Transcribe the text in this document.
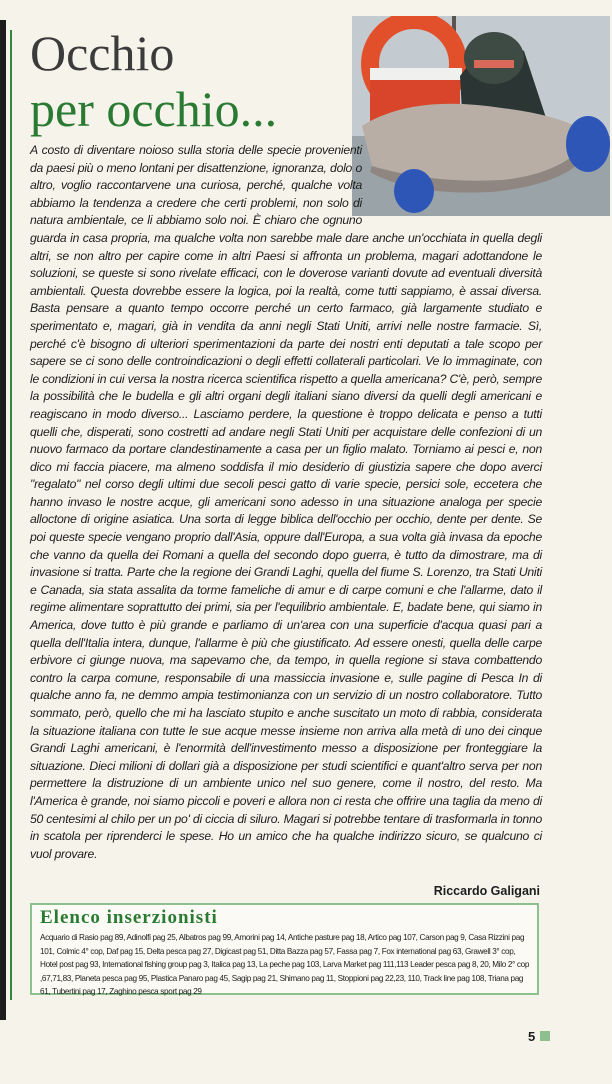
Occhio
per occhio...
A costo di diventare noioso sulla storia delle specie provenienti da paesi più o meno lontani per disattenzione, ignoranza, dolo o altro, voglio raccontarvene una curiosa, perché, qualche volta abbiamo la tendenza a credere che certi problemi, non solo di natura ambientale, ce li abbiamo solo noi. È chiaro che ognuno guarda in casa propria, ma qualche volta non sarebbe male dare anche un'occhiata in quella degli altri, se non altro per capire come in altri Paesi si affronta un problema, magari adottandone le soluzioni, se queste si sono rivelate efficaci, con le doverose varianti dovute ad eventuali diversità ambientali. Questa dovrebbe essere la logica, poi la realtà, come tutti sappiamo, è assai diversa. Basta pensare a quanto tempo occorre perché un certo farmaco, già largamente studiato e sperimentato e, magari, già in vendita da anni negli Stati Uniti, arrivi nelle nostre farmacie. Sì, perché c'è bisogno di ulteriori sperimentazioni da parte dei nostri enti deputati a tale scopo per sapere se ci sono delle controindicazioni o degli effetti collaterali particolari. Ve lo immaginate, con le condizioni in cui versa la nostra ricerca scientifica rispetto a quella americana? C'è, però, sempre la possibilità che le budella e gli altri organi degli italiani siano diversi da quelli degli americani e reagiscano in modo diverso... Lasciamo perdere, la questione è troppo delicata e penso a tutti quelli che, disperati, sono costretti ad andare negli Stati Uniti per acquistare delle confezioni di un nuovo farmaco da portare clandestinamente a casa per un figlio malato. Torniamo ai pesci e, non dico mi faccia piacere, ma almeno soddisfa il mio desiderio di giustizia sapere che dopo averci "regalato" nel corso degli ultimi due secoli pesci gatto di varie specie, persici sole, eccetera che hanno invaso le nostre acque, gli americani sono adesso in una situazione analoga per specie alloctone di origine asiatica. Una sorta di legge biblica dell'occhio per occhio, dente per dente. Se poi queste specie vengano proprio dall'Asia, oppure dall'Europa, a sua volta già invasa da epoche che vanno da quella dei Romani a quella del secondo dopo guerra, è tutto da dimostrare, ma di invasione si tratta. Parte che la regione dei Grandi Laghi, quella del fiume S. Lorenzo, tra Stati Uniti e Canada, sia stata assalita da torme fameliche di amur e di carpe comuni e che l'allarme, dato il regime alimentare soprattutto dei primi, sia per l'equilibrio ambientale. E, badate bene, qui siamo in America, dove tutto è più grande e parliamo di un'area con una superficie d'acqua quasi pari a quella dell'Italia intera, dunque, l'allarme è più che giustificato. Ad essere onesti, quella delle carpe erbivore ci giunge nuova, ma sapevamo che, da tempo, in quella regione si stava combattendo contro la carpa comune, responsabile di una massiccia invasione e, sulle pagine di Pesca In di qualche anno fa, ne demmo ampia testimonianza con un servizio di un nostro collaboratore. Tutto sommato, però, quello che mi ha lasciato stupito e anche suscitato un moto di rabbia, considerata la situazione italiana con tutte le sue acque messe insieme non arriva alla metà di uno dei cinque Grandi Laghi americani, è l'enormità dell'investimento messo a disposizione per fronteggiare la situazione. Dieci milioni di dollari già a disposizione per studi scientifici e quant'altro serva per non permettere la distruzione di un ambiente unico nel suo genere, come il nostro, del resto. Ma l'America è grande, noi siamo piccoli e poveri e allora non ci resta che offrire una taglia da meno di 50 centesimi al chilo per un po' di ciccia di siluro. Magari si potrebbe tentare di trasformarla in tonno in scatola per riprenderci le spese. Ho un amico che ha qualche indirizzo sicuro, se qualcuno ci vuol provare.
Riccardo Galigani
Elenco inserzionisti
Acquario di Rasio pag 89, Adinolfi pag 25, Albatros pag 99, Amorini pag 14, Antiche pasture pag 18, Artico pag 107, Carson pag 9, Casa Rizzini pag 101, Colmic 4° cop, Daf pag 15, Delta pesca pag 27, Digicast pag 51, Ditta Bazza pag 57, Fassa pag 7, Fox international pag 63, Grawell 3° cop, Hotel post pag 93, International fishing group pag 3, Italica pag 13, La peche pag 103, Larva Market pag 111,113 Leader pesca pag 8, 20, Milo 2° cop ,67,71,83, Planeta pesca pag 95, Plastica Panaro pag 45, Sagip pag 21, Shimano pag 11, Stoppioni pag 22,23, 110, Track line pag 108, Triana pag 61, Tubertini pag 17, Zaghino pesca sport pag 29
5
